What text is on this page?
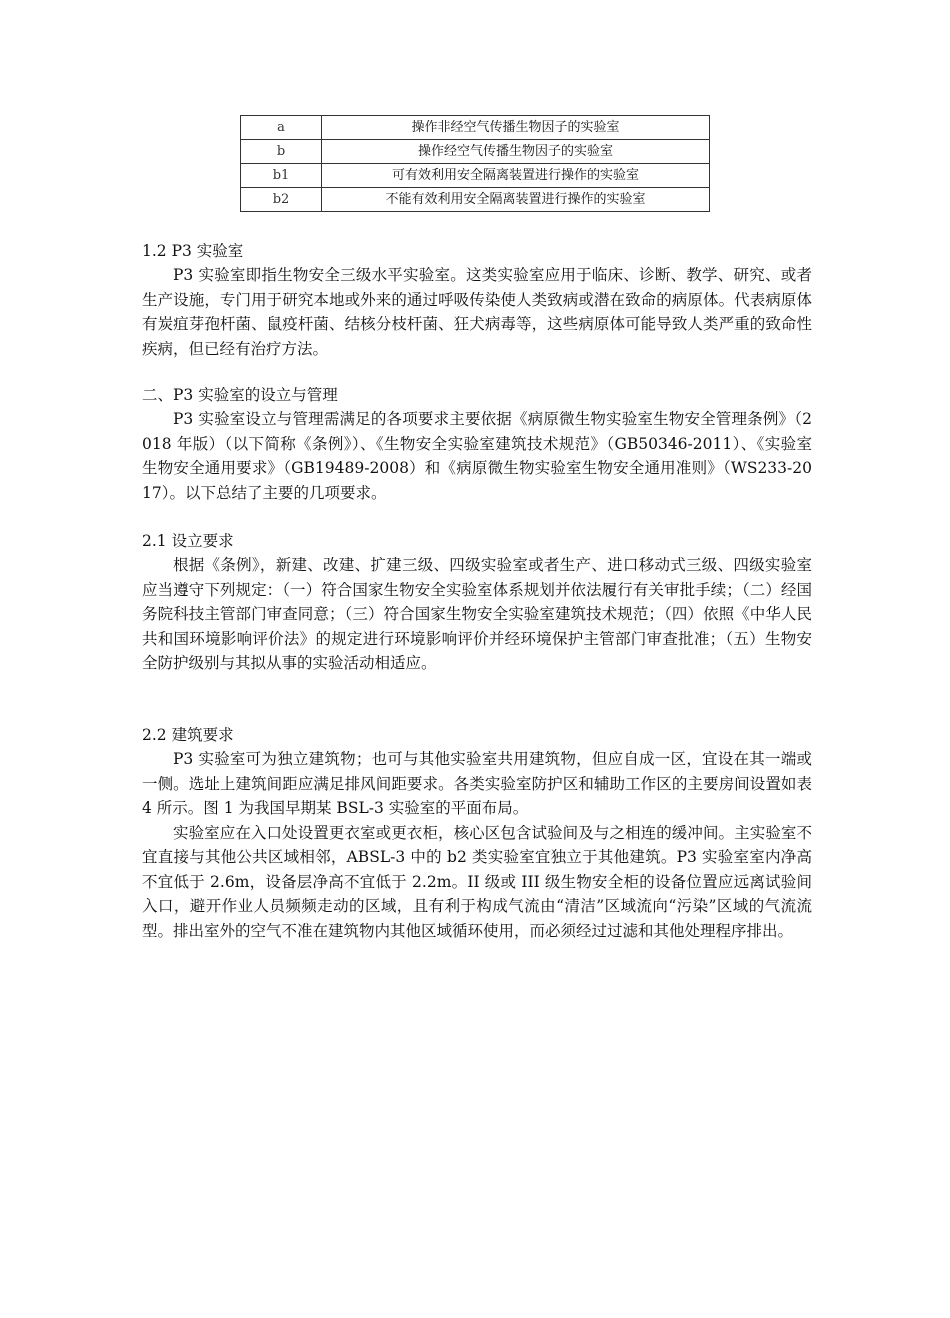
a	操作非经空气传播生物因子的实验室
b	操作经空气传播生物因子的实验室
b1	可有效利用安全隔离装置进行操作的实验室
b2	不能有效利用安全隔离装置进行操作的实验室
1.2 P3 实验室

P3 实验室即指生物安全三级水平实验室。这类实验室应用于临床、诊断、教学、研究、或者生产设施，专门用于研究本地或外来的通过呼吸传染使人类致病或潜在致命的病原体。代表病原体有炭疽芽孢杆菌、鼠疫杆菌、结核分枝杆菌、狂犬病毒等，这些病原体可能导致人类严重的致命性疾病，但已经有治疗方法。

二、P3 实验室的设立与管理

P3 实验室设立与管理需满足的各项要求主要依据《病原微生物实验室生物安全管理条例》（2018 年版）（以下简称《条例》）、《生物安全实验室建筑技术规范》（GB50346-2011）、《实验室生物安全通用要求》（GB19489-2008）和《病原微生物实验室生物安全通用准则》（WS233-2017）。以下总结了主要的几项要求。

2.1 设立要求

根据《条例》，新建、改建、扩建三级、四级实验室或者生产、进口移动式三级、四级实验室应当遵守下列规定：（一）符合国家生物安全实验室体系规划并依法履行有关审批手续；（二）经国务院科技主管部门审查同意；（三）符合国家生物安全实验室建筑技术规范；（四）依照《中华人民共和国环境影响评价法》的规定进行环境影响评价并经环境保护主管部门审查批准；（五）生物安全防护级别与其拟从事的实验活动相适应。

2.2 建筑要求

P3 实验室可为独立建筑物；也可与其他实验室共用建筑物，但应自成一区，宜设在其一端或一侧。选址上建筑间距应满足排风间距要求。各类实验室防护区和辅助工作区的主要房间设置如表 4 所示。图 1 为我国早期某 BSL-3 实验室的平面布局。

实验室应在入口处设置更衣室或更衣柜，核心区包含试验间及与之相连的缓冲间。主实验室不宜直接与其他公共区域相邻，ABSL-3 中的 b2 类实验室宜独立于其他建筑。P3 实验室室内净高不宜低于 2.6m，设备层净高不宜低于 2.2m。II 级或 III 级生物安全柜的设备位置应远离试验间入口，避开作业人员频频走动的区域，且有利于构成气流由“清洁”区域流向“污染”区域的气流流型。排出室外的空气不准在建筑物内其他区域循环使用，而必须经过过滤和其他处理程序排出。
